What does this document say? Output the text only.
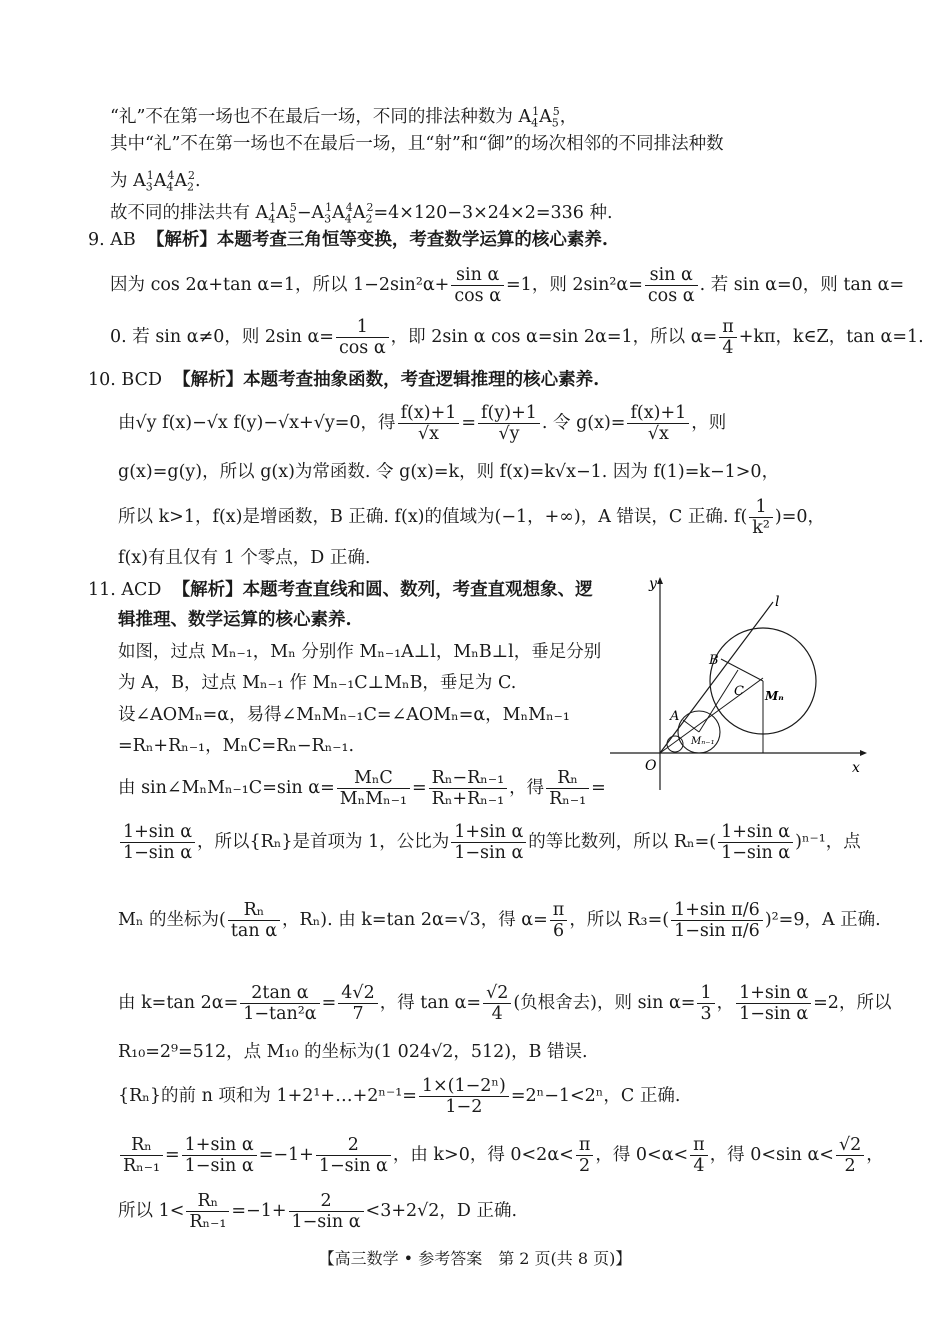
“礼”不在第一场也不在最后一场，不同的排法种数为 $A_4^1A_5^5$，
其中“礼”不在第一场也不在最后一场，且“射”和“御”的场次相邻的不同排法种数
为 $A_3^1A_4^4A_2^2$.
故不同的排法共有 $A_4^1A_5^5-A_3^1A_4^4A_2^2=4\times 120-3\times 24\times 2=336$ 种.
9. AB 【解析】本题考查三角恒等变换，考查数学运算的核心素养.
因为 cos 2α+tan α=1，所以 $1-2\sin^2\alpha+ \frac{\text{sin α}}{\text{cos α}} =1$，则 $2\sin^2\alpha= \frac{\text{sin α}}{\text{cos α}}$ . 若 sin α=0，则 tan α=
0. 若 sin α≠0，则 2sin $\alpha= \frac{1}{\text{cos α}}$ ，即 2sin α cos α=sin 2α=1，所以 $\alpha= \frac{\pi}{4} +k\pi$，k∈Z，tan α=1.
10. BCD 【解析】本题考查抽象函数，考查逻辑推理的核心素养.
由√y f(x)−√x f(y)−√x+√y=0，得 $\frac{f(x)+1}{√x} = \frac{f(y)+1}{√y}$ . 令 $g(x)= \frac{f(x)+1}{√x}$ ，则
g(x)=g(y)，所以 g(x)为常函数. 令 g(x)=k，则 f(x)=k√x−1. 因为 f(1)=k−1>0，
所以 k>1，f(x)是增函数，B 正确. f(x)的值域为(−1，+∞)，A 错误，C 正确. $f( \frac{1}{\text{k²}} )=0$，
f(x)有且仅有 1 个零点，D 正确.
11. ACD 【解析】本题考查直线和圆、数列，考查直观想象、逻
辑推理、数学运算的核心素养.
如图，过点 Mₙ₋₁，Mₙ 分别作 Mₙ₋₁A⊥l，MₙB⊥l，垂足分别
为 A，B，过点 Mₙ₋₁ 作 Mₙ₋₁C⊥MₙB，垂足为 C.
设∠AOMₙ=α，易得∠MₙMₙ₋₁C=∠AOMₙ=α，MₙMₙ₋₁
=Rₙ+Rₙ₋₁，MₙC=Rₙ−Rₙ₋₁.
由 sin∠MₙMₙ₋₁C=sin $\alpha= \frac{\text{MₙC}}{\text{MₙMₙ₋₁}} = \frac{\text{Rₙ−Rₙ₋₁}}{\text{Rₙ+Rₙ₋₁}}$ ，得 $\frac{\text{Rₙ}}{\text{Rₙ₋₁}}$ =
$\frac{\text{1+sin α}}{\text{1−sin α}}$ ，所以{Rₙ}是首项为 1，公比为 $\frac{\text{1+sin α}}{\text{1−sin α}}$ 的等比数列，所以 $R_n=( \frac{\text{1+sin α}}{\text{1−sin α}} )^{n-1}$，点
Mₙ 的坐标为( $\frac{\text{Rₙ}}{\text{tan α}}$ ，Rₙ). 由 k=tan 2α=√3，得 $\alpha= \frac{\pi}{6}$ ，所以 $R_3=( \frac{\text{1+sin π/6}}{\text{1−sin π/6}} )^2=9$，A 正确.
由 k=tan $2\alpha= \frac{\text{2tan α}}{\text{1−tan²α}} = \frac{4√2}{7}$ ，得 $\tan \alpha= \frac{√2}{4}$ (负根舍去)，则 $\sin \alpha= \frac{1}{3}$ ， $\frac{\text{1+sin α}}{\text{1−sin α}} =2$，所以
R₁₀=2⁹=512，点 M₁₀ 的坐标为(1 024√2，512)，B 错误.
{Rₙ}的前 n 项和为 1+2¹+…+2ⁿ⁻¹= $\frac{\text{1×(1−2ⁿ)}}{1-2} =2^n-1<2^n$，C 正确.
$\frac{\text{Rₙ}}{\text{Rₙ₋₁}} = \frac{\text{1+sin α}}{\text{1−sin α}} =-1+ \frac{2}{\text{1−sin α}}$ ，由 k>0，得 $0<2\alpha< \frac{\pi}{2}$ ，得 $0<\alpha< \frac{\pi}{4}$ ，得 0<sin $\alpha< \frac{√2}{2}$ ，
所以 $1< \frac{\text{Rₙ}}{\text{Rₙ₋₁}} =-1+ \frac{2}{\text{1−sin α}} <3+2√2$，D 正确.
y
x
O
l
B
C
A
Mₙ
Mₙ₋₁
【高三数学 • 参考答案　第 2 页(共 8 页)】
